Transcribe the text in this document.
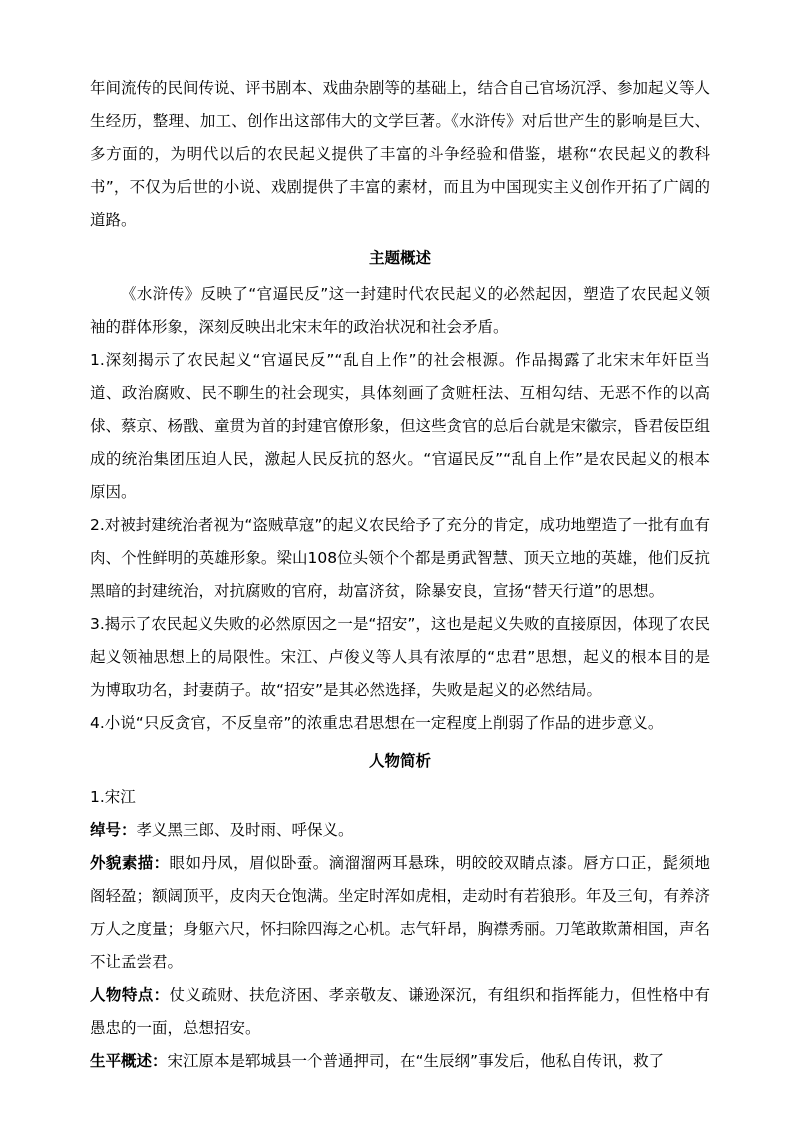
年间流传的民间传说、评书剧本、戏曲杂剧等的基础上，结合自己官场沉浮、参加起义等人生经历，整理、加工、创作出这部伟大的文学巨著。《水浒传》对后世产生的影响是巨大、多方面的，为明代以后的农民起义提供了丰富的斗争经验和借鉴，堪称“农民起义的教科书”，不仅为后世的小说、戏剧提供了丰富的素材，而且为中国现实主义创作开拓了广阔的道路。

主题概述

《水浒传》反映了“官逼民反”这一封建时代农民起义的必然起因，塑造了农民起义领袖的群体形象，深刻反映出北宋末年的政治状况和社会矛盾。

1.深刻揭示了农民起义“官逼民反”“乱自上作”的社会根源。作品揭露了北宋末年奸臣当道、政治腐败、民不聊生的社会现实，具体刻画了贪赃枉法、互相勾结、无恶不作的以高俅、蔡京、杨戬、童贯为首的封建官僚形象，但这些贪官的总后台就是宋徽宗，昏君佞臣组成的统治集团压迫人民，激起人民反抗的怒火。“官逼民反”“乱自上作”是农民起义的根本原因。

2.对被封建统治者视为“盗贼草寇”的起义农民给予了充分的肯定，成功地塑造了一批有血有肉、个性鲜明的英雄形象。梁山108位头领个个都是勇武智慧、顶天立地的英雄，他们反抗黑暗的封建统治，对抗腐败的官府，劫富济贫，除暴安良，宣扬“替天行道”的思想。

3.揭示了农民起义失败的必然原因之一是“招安”，这也是起义失败的直接原因，体现了农民起义领袖思想上的局限性。宋江、卢俊义等人具有浓厚的“忠君”思想，起义的根本目的是为博取功名，封妻荫子。故“招安”是其必然选择，失败是起义的必然结局。

4.小说“只反贪官，不反皇帝”的浓重忠君思想在一定程度上削弱了作品的进步意义。

人物简析

1.宋江

绰号：孝义黑三郎、及时雨、呼保义。

外貌素描：眼如丹凤，眉似卧蚕。滴溜溜两耳悬珠，明皎皎双睛点漆。唇方口正，髭须地阁轻盈；额阔顶平，皮肉天仓饱满。坐定时浑如虎相，走动时有若狼形。年及三旬，有养济万人之度量；身躯六尺，怀扫除四海之心机。志气轩昂，胸襟秀丽。刀笔敢欺萧相国，声名不让孟尝君。

人物特点：仗义疏财、扶危济困、孝亲敬友、谦逊深沉，有组织和指挥能力，但性格中有愚忠的一面，总想招安。

生平概述：宋江原本是郓城县一个普通押司，在“生辰纲”事发后，他私自传讯，救了
